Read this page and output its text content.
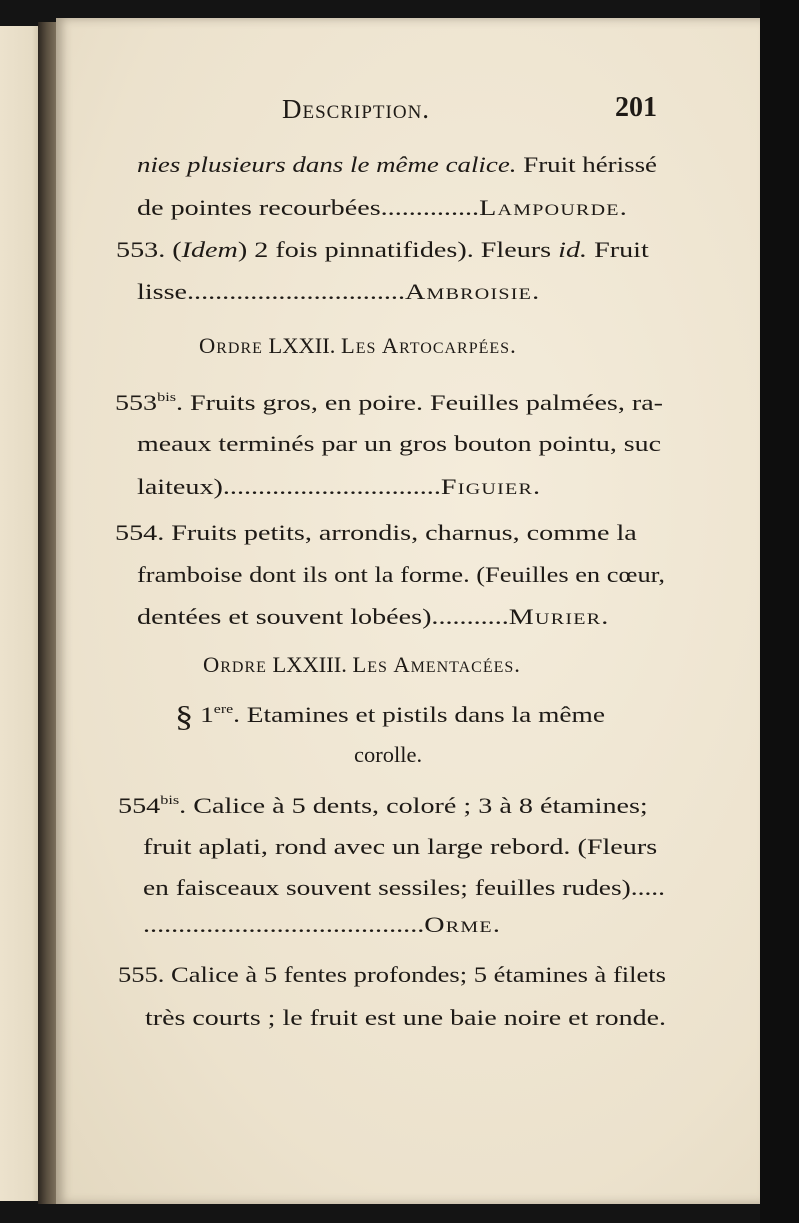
Description.	201
nies plusieurs dans le même calice. Fruit hérissé
de pointes recourbées..............Lampourde.
553. (Idem) 2 fois pinnatifides). Fleurs id. Fruit
lisse...............................Ambroisie.
Ordre LXXII. Les Artocarpées.
$553^{bis}$. Fruits gros, en poire. Feuilles palmées, ra-
meaux terminés par un gros bouton pointu, suc
laiteux)...............................Figuier.
554. Fruits petits, arrondis, charnus, comme la
framboise dont ils ont la forme. (Feuilles en cœur,
dentées et souvent lobées)...........Murier.
Ordre LXXIII. Les Amentacées.
§ 1ere. Etamines et pistils dans la même
corolle.
$554^{bis}$. Calice à 5 dents, coloré ; 3 à 8 étamines;
fruit aplati, rond avec un large rebord. (Fleurs
en faisceaux souvent sessiles; feuilles rudes).....
........................................Orme.
555. Calice à 5 fentes profondes; 5 étamines à filets
très courts ; le fruit est une baie noire et ronde.
